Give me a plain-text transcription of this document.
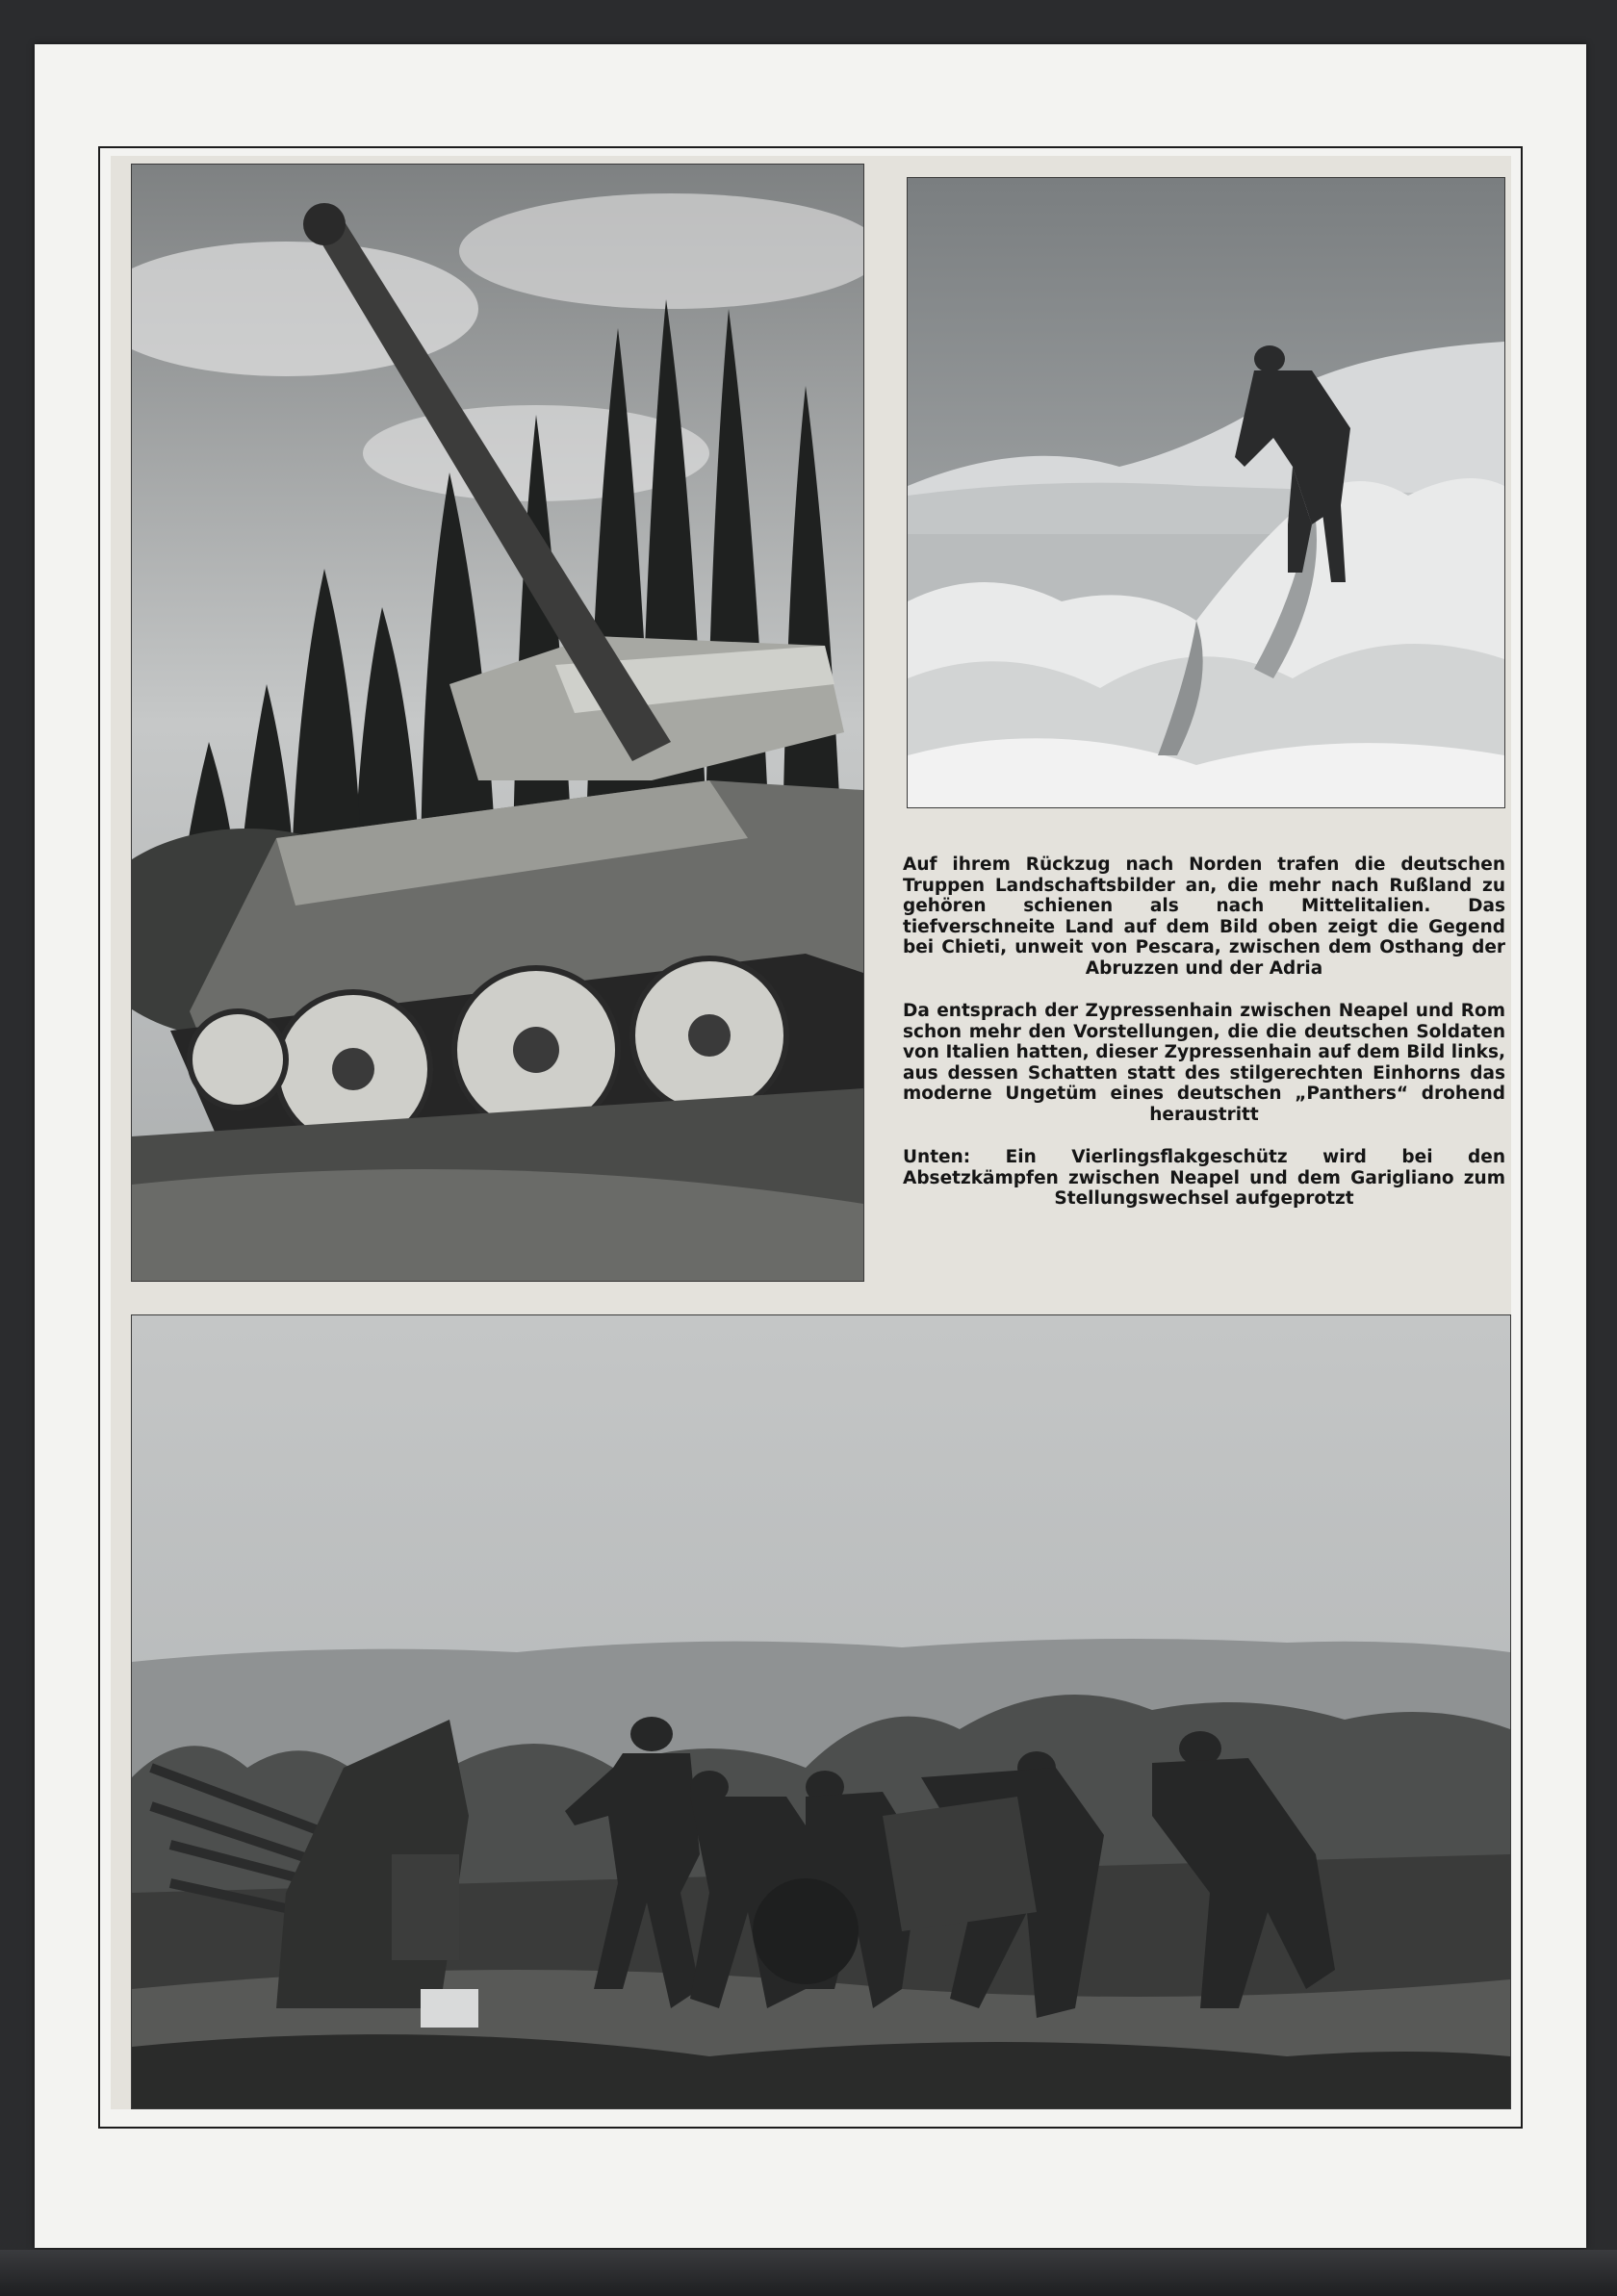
Auf ihrem Rückzug nach Norden trafen die deutschen Truppen Landschaftsbilder an, die mehr nach Rußland zu gehören schienen als nach Mittelitalien. Das tiefverschneite Land auf dem Bild oben zeigt die Gegend bei Chieti, unweit von Pescara, zwischen dem Osthang der Abruzzen und der Adria

Da entsprach der Zypressenhain zwischen Neapel und Rom schon mehr den Vorstellungen, die die deutschen Soldaten von Italien hatten, dieser Zypressenhain auf dem Bild links, aus dessen Schatten statt des stilgerechten Einhorns das moderne Ungetüm eines deutschen „Panthers“ drohend heraustritt

Unten: Ein Vierlingsflakgeschütz wird bei den Absetzkämpfen zwischen Neapel und dem Garigliano zum Stellungswechsel aufgeprotzt
